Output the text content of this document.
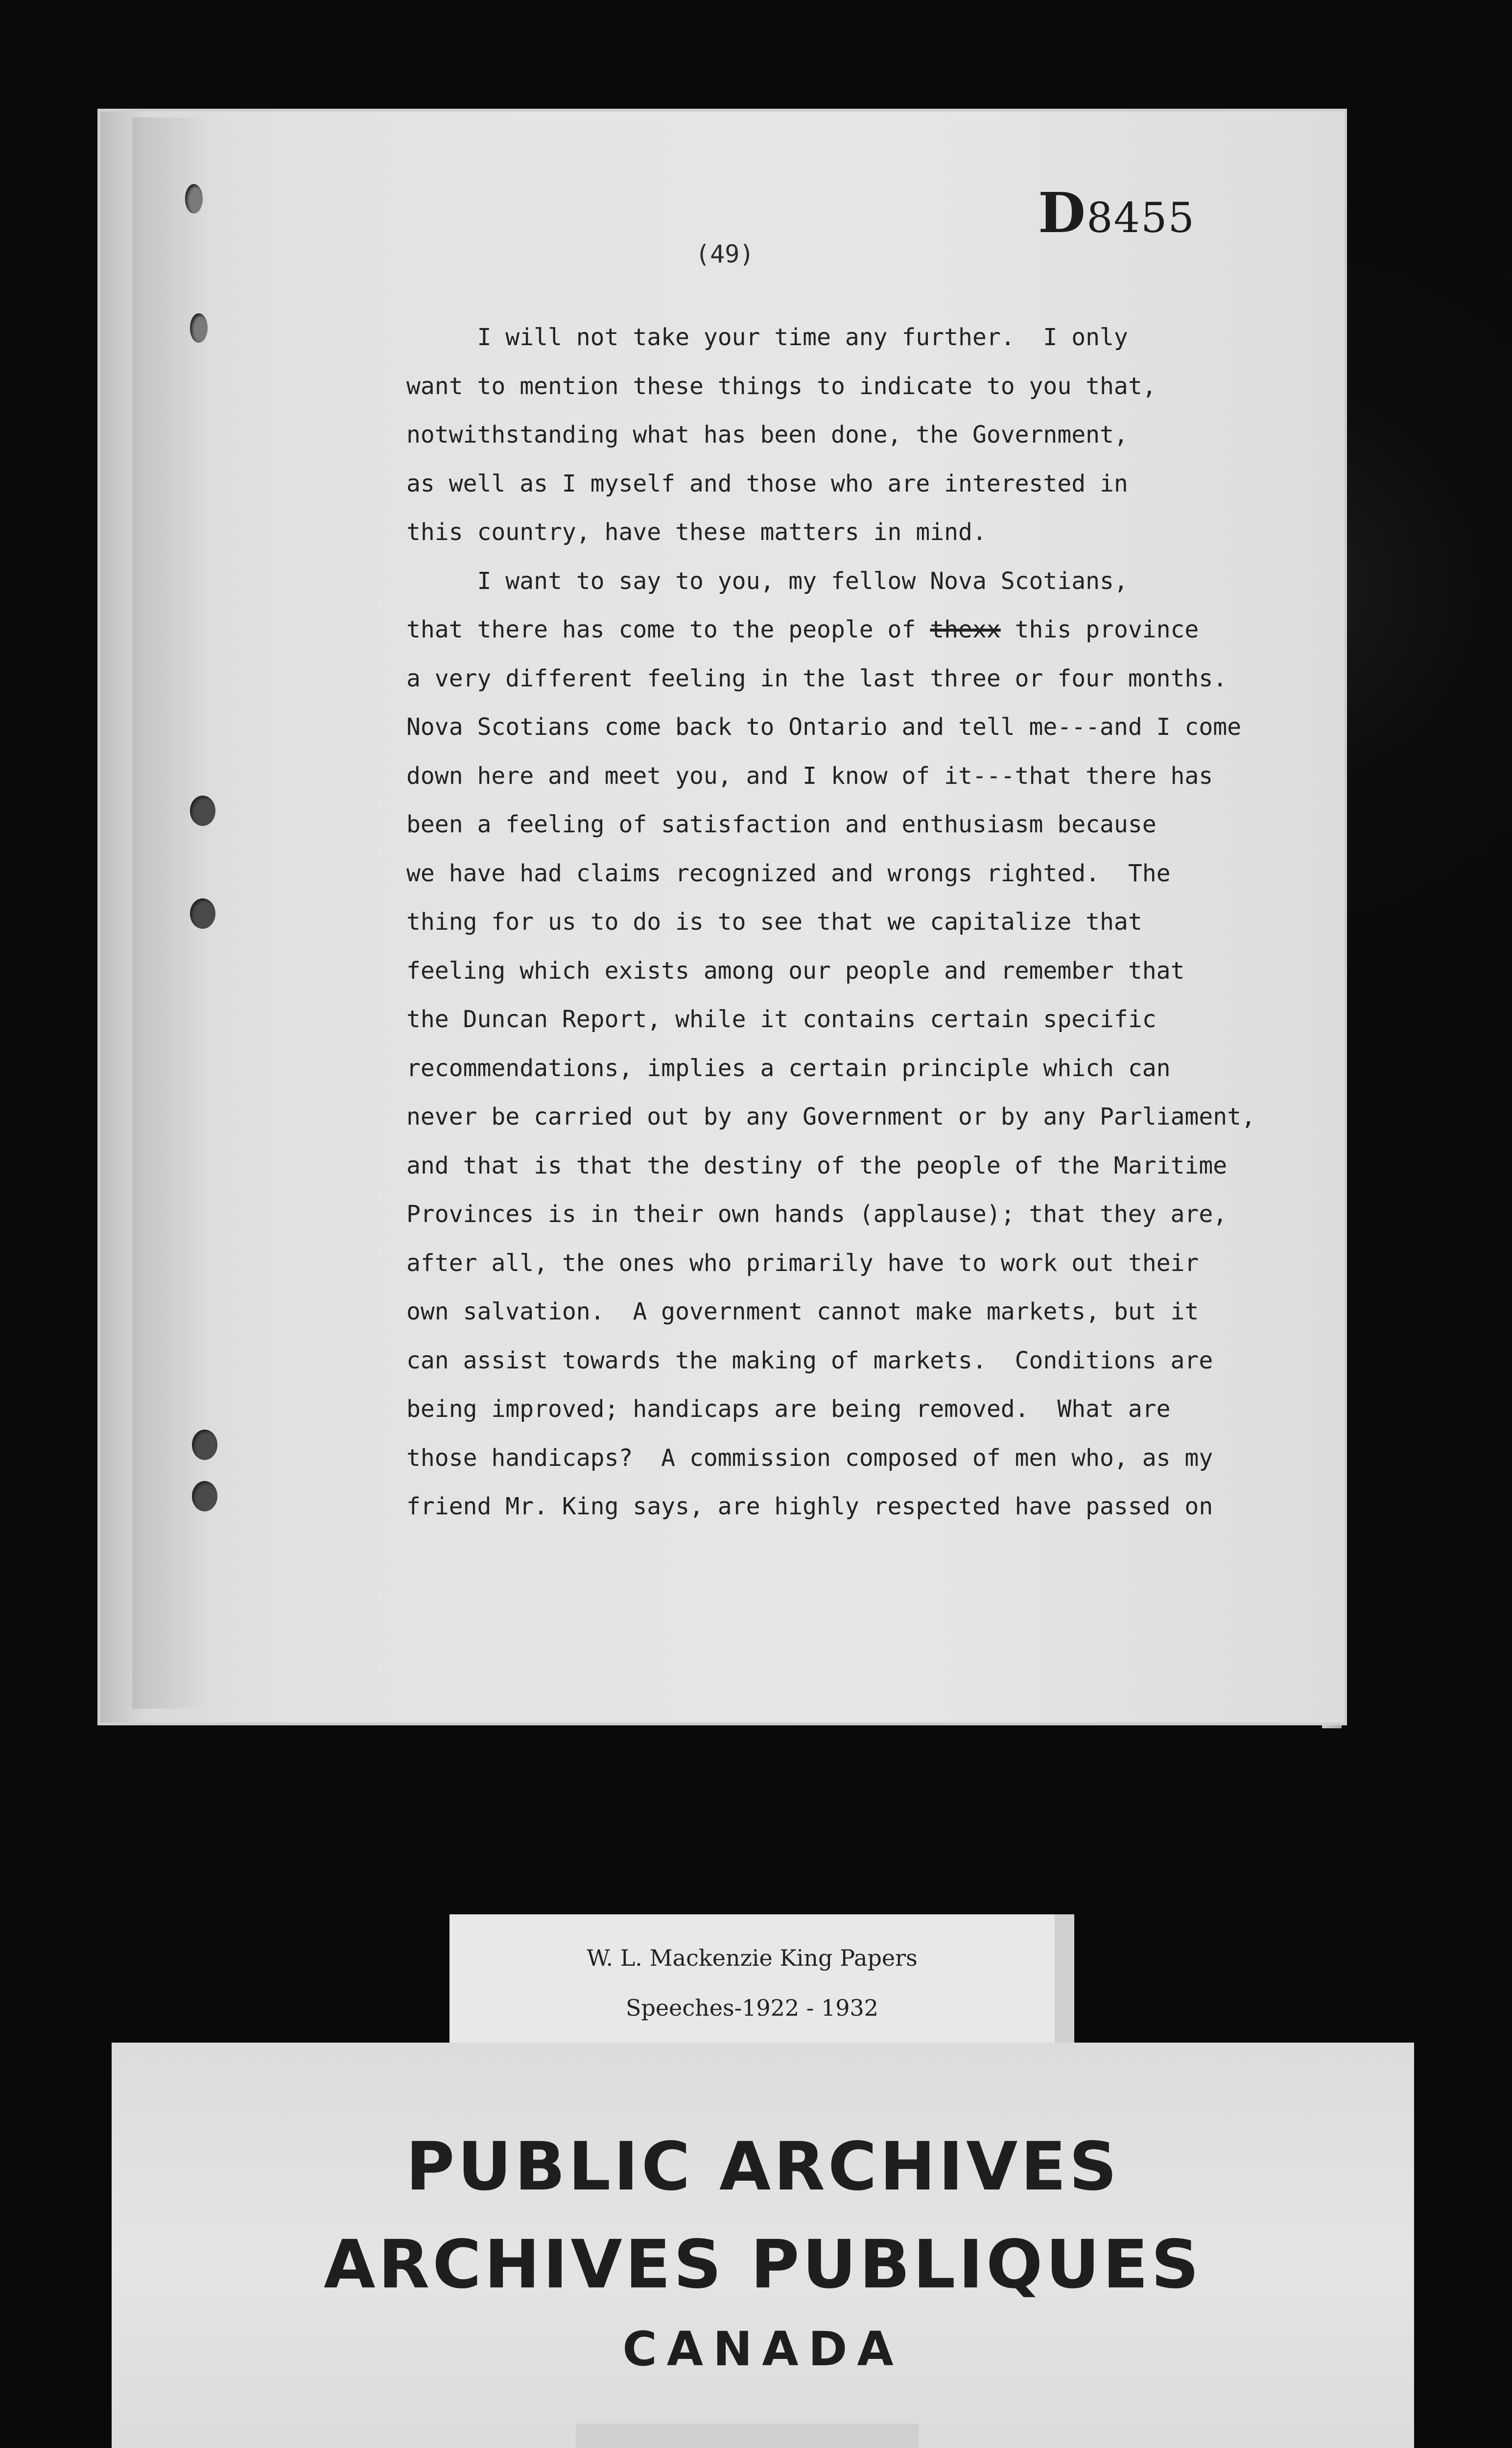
D8455
(49)
I will not take your time any further.  I only
want to mention these things to indicate to you that,
notwithstanding what has been done, the Government,
as well as I myself and those who are interested in
this country, have these matters in mind.
I want to say to you, my fellow Nova Scotians,
that there has come to the people of thexx this province
a very different feeling in the last three or four months.
Nova Scotians come back to Ontario and tell me---and I come
down here and meet you, and I know of it---that there has
been a feeling of satisfaction and enthusiasm because
we have had claims recognized and wrongs righted.  The
thing for us to do is to see that we capitalize that
feeling which exists among our people and remember that
the Duncan Report, while it contains certain specific
recommendations, implies a certain principle which can
never be carried out by any Government or by any Parliament,
and that is that the destiny of the people of the Maritime
Provinces is in their own hands (applause); that they are,
after all, the ones who primarily have to work out their
own salvation.  A government cannot make markets, but it
can assist towards the making of markets.  Conditions are
being improved; handicaps are being removed.  What are
those handicaps?  A commission composed of men who, as my
friend Mr. King says, are highly respected have passed on
W. L. Mackenzie King Papers
Speeches-1922 - 1932
PUBLIC ARCHIVES
ARCHIVES PUBLIQUES
CANADA
